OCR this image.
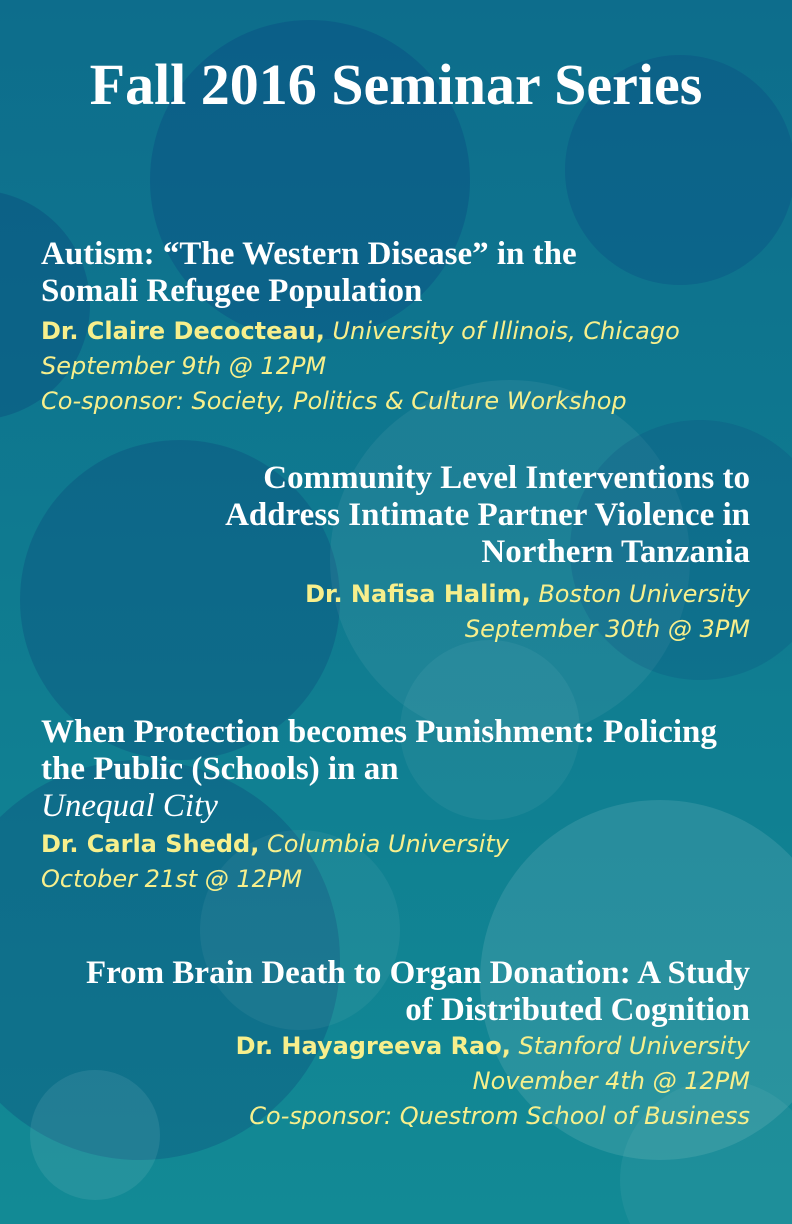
Fall 2016 Seminar Series

Autism: “The Western Disease” in the Somali Refugee Population

Dr. Claire Decocteau, University of Illinois, Chicago
September 9th @ 12PM
Co-sponsor: Society, Politics & Culture Workshop

Community Level Interventions to Address Intimate Partner Violence in Northern Tanzania

Dr. Nafisa Halim, Boston University
September 30th @ 3PM

When Protection becomes Punishment: Policing the Public (Schools) in an
Unequal City

Dr. Carla Shedd, Columbia University
October 21st @ 12PM

From Brain Death to Organ Donation: A Study of Distributed Cognition

Dr. Hayagreeva Rao, Stanford University
November 4th @ 12PM
Co-sponsor: Questrom School of Business
